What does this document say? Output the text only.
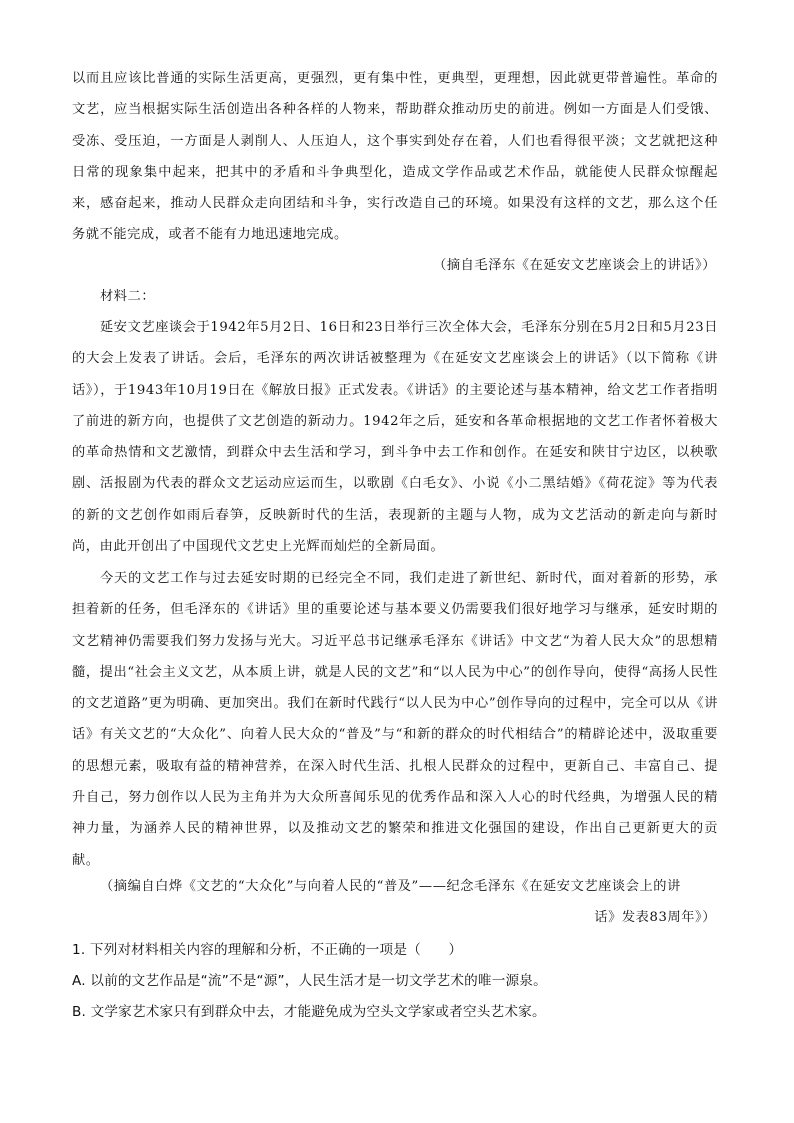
以而且应该比普通的实际生活更高，更强烈，更有集中性，更典型，更理想，因此就更带普遍性。革命的文艺，应当根据实际生活创造出各种各样的人物来，帮助群众推动历史的前进。例如一方面是人们受饿、受冻、受压迫，一方面是人剥削人、人压迫人，这个事实到处存在着，人们也看得很平淡；文艺就把这种日常的现象集中起来，把其中的矛盾和斗争典型化，造成文学作品或艺术作品，就能使人民群众惊醒起来，感奋起来，推动人民群众走向团结和斗争，实行改造自己的环境。如果没有这样的文艺，那么这个任务就不能完成，或者不能有力地迅速地完成。

（摘自毛泽东《在延安文艺座谈会上的讲话》）

材料二：

延安文艺座谈会于1942年5月2日、16日和23日举行三次全体大会，毛泽东分别在5月2日和5月23日的大会上发表了讲话。会后，毛泽东的两次讲话被整理为《在延安文艺座谈会上的讲话》（以下简称《讲话》），于1943年10月19日在《解放日报》正式发表。《讲话》的主要论述与基本精神，给文艺工作者指明了前进的新方向，也提供了文艺创造的新动力。1942年之后，延安和各革命根据地的文艺工作者怀着极大的革命热情和文艺激情，到群众中去生活和学习，到斗争中去工作和创作。在延安和陕甘宁边区，以秧歌剧、活报剧为代表的群众文艺运动应运而生，以歌剧《白毛女》、小说《小二黑结婚》《荷花淀》等为代表的新的文艺创作如雨后春笋，反映新时代的生活，表现新的主题与人物，成为文艺活动的新走向与新时尚，由此开创出了中国现代文艺史上光辉而灿烂的全新局面。

今天的文艺工作与过去延安时期的已经完全不同，我们走进了新世纪、新时代，面对着新的形势，承担着新的任务，但毛泽东的《讲话》里的重要论述与基本要义仍需要我们很好地学习与继承，延安时期的文艺精神仍需要我们努力发扬与光大。习近平总书记继承毛泽东《讲话》中文艺“为着人民大众”的思想精髓，提出“社会主义文艺，从本质上讲，就是人民的文艺”和“以人民为中心”的创作导向，使得“高扬人民性的文艺道路”更为明确、更加突出。我们在新时代践行“以人民为中心”创作导向的过程中，完全可以从《讲话》有关文艺的“大众化”、向着人民大众的“普及”与“和新的群众的时代相结合”的精辟论述中，汲取重要的思想元素，吸取有益的精神营养，在深入时代生活、扎根人民群众的过程中，更新自己、丰富自己、提升自己，努力创作以人民为主角并为大众所喜闻乐见的优秀作品和深入人心的时代经典，为增强人民的精神力量，为涵养人民的精神世界，以及推动文艺的繁荣和推进文化强国的建设，作出自己更新更大的贡献。

（摘编自白烨《文艺的“大众化”与向着人民的“普及”——纪念毛泽东《在延安文艺座谈会上的讲

话》发表83周年》）

1. 下列对材料相关内容的理解和分析，不正确的一项是（　　）

A. 以前的文艺作品是“流”不是“源”，人民生活才是一切文学艺术的唯一源泉。

B. 文学家艺术家只有到群众中去，才能避免成为空头文学家或者空头艺术家。
